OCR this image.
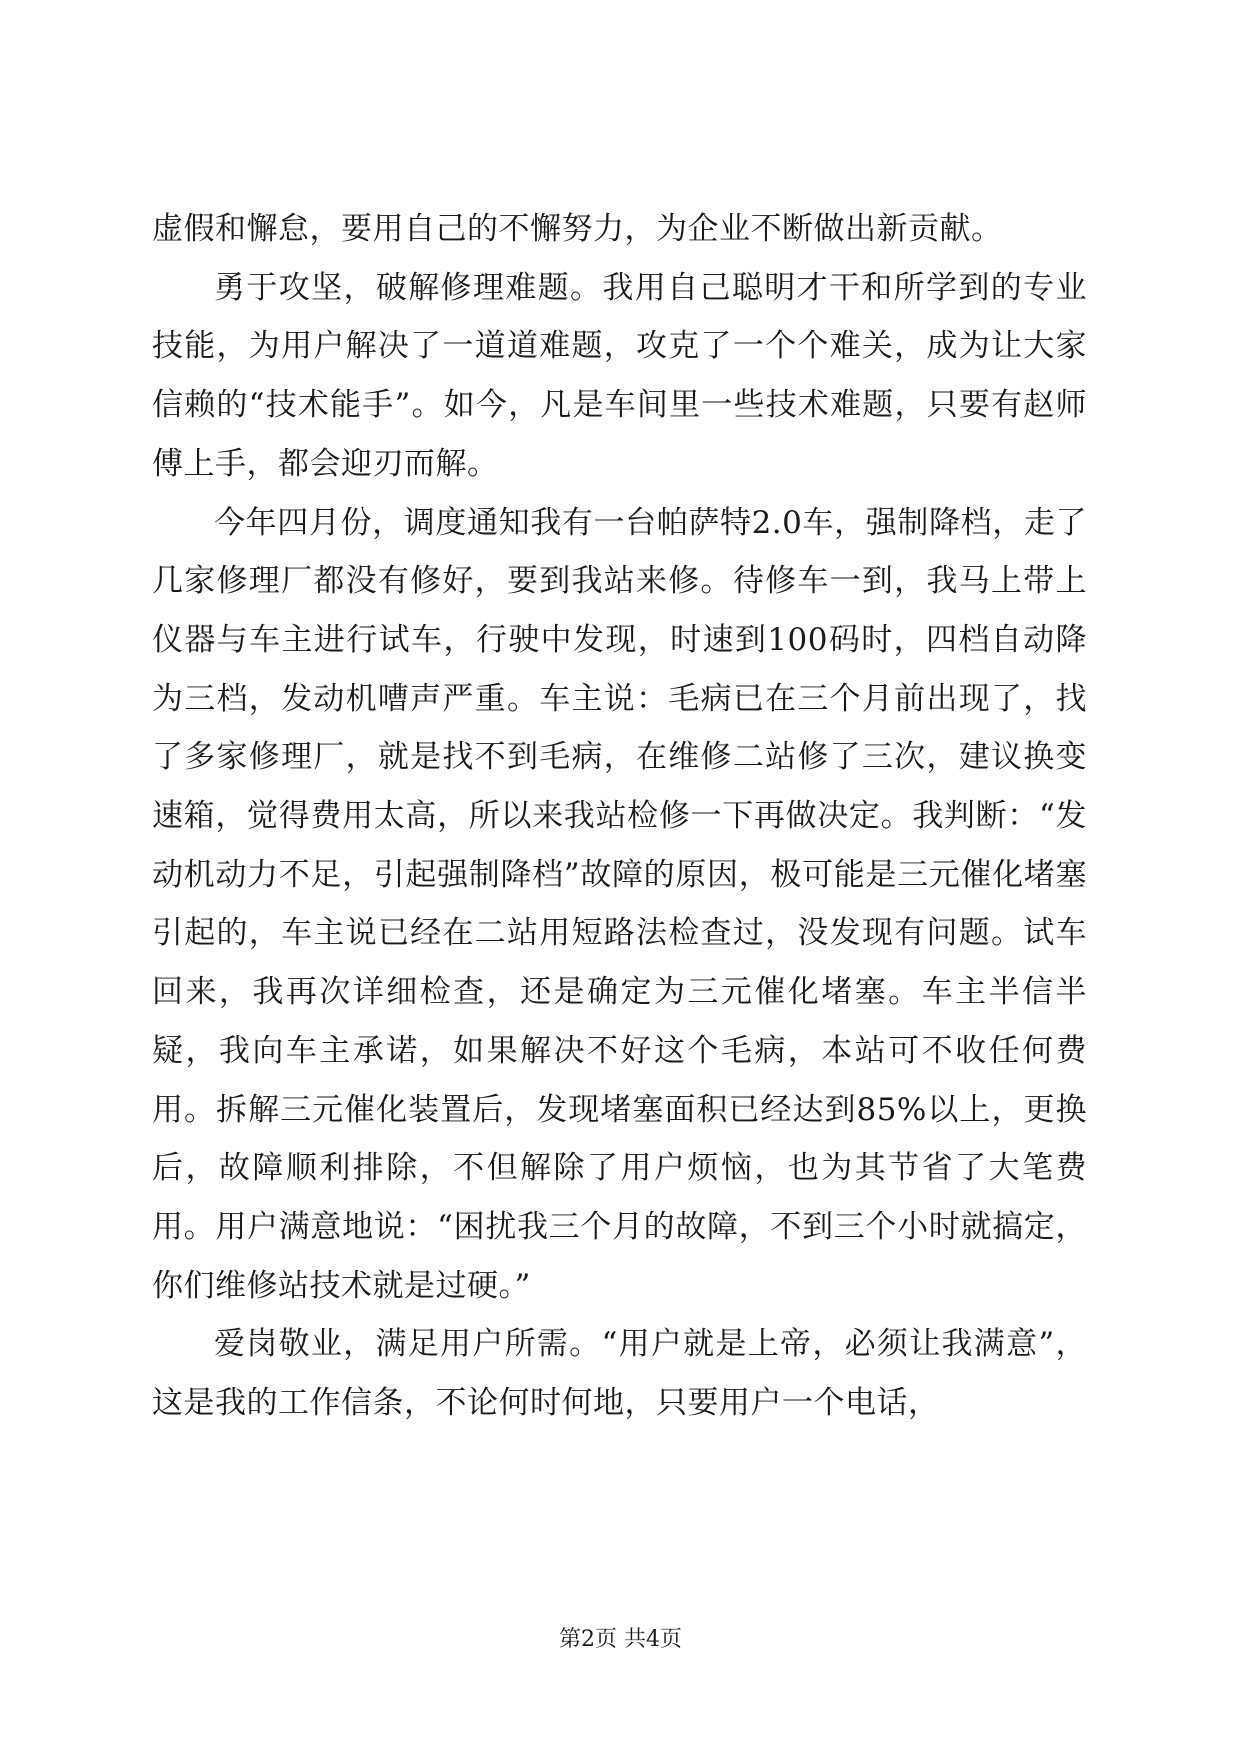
虚假和懈怠，要用自己的不懈努力，为企业不断做出新贡献。

勇于攻坚，破解修理难题。我用自己聪明才干和所学到的专业技能，为用户解决了一道道难题，攻克了一个个难关，成为让大家信赖的“技术能手”。如今，凡是车间里一些技术难题，只要有赵师傅上手，都会迎刃而解。

今年四月份，调度通知我有一台帕萨特2.0车，强制降档，走了几家修理厂都没有修好，要到我站来修。待修车一到，我马上带上仪器与车主进行试车，行驶中发现，时速到100码时，四档自动降为三档，发动机嘈声严重。车主说：毛病已在三个月前出现了，找了多家修理厂，就是找不到毛病，在维修二站修了三次，建议换变速箱，觉得费用太高，所以来我站检修一下再做决定。我判断：“发动机动力不足，引起强制降档”故障的原因，极可能是三元催化堵塞引起的，车主说已经在二站用短路法检查过，没发现有问题。试车回来，我再次详细检查，还是确定为三元催化堵塞。车主半信半疑，我向车主承诺，如果解决不好这个毛病，本站可不收任何费用。拆解三元催化装置后，发现堵塞面积已经达到85%以上，更换后，故障顺利排除，不但解除了用户烦恼，也为其节省了大笔费用。用户满意地说：“困扰我三个月的故障，不到三个小时就搞定，你们维修站技术就是过硬。”

爱岗敬业，满足用户所需。“用户就是上帝，必须让我满意”，这是我的工作信条，不论何时何地，只要用户一个电话，

第2页 共4页
